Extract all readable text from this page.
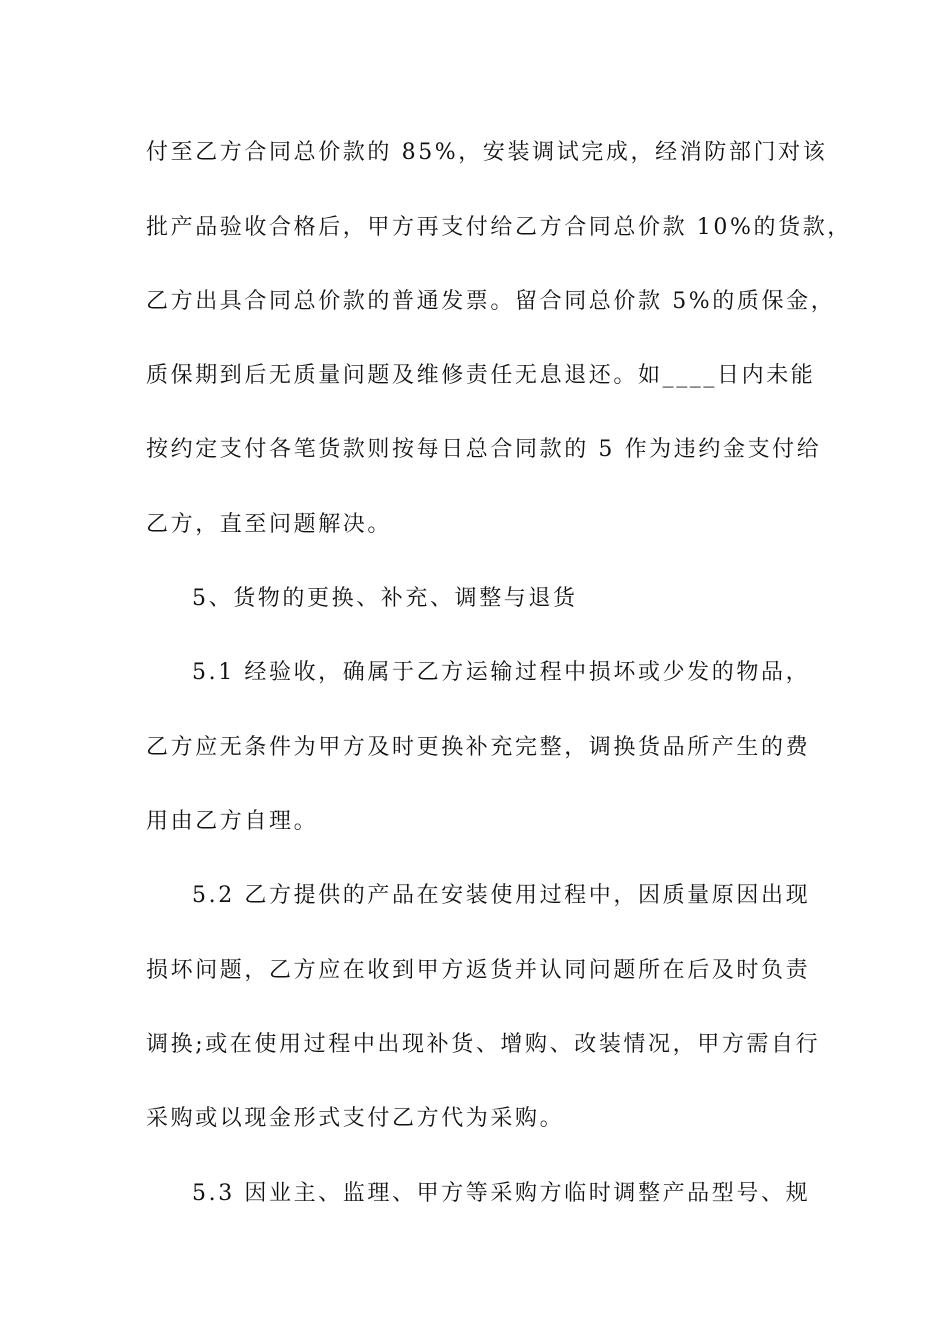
付至乙方合同总价款的 85%，安装调试完成，经消防部门对该
批产品验收合格后，甲方再支付给乙方合同总价款 10%的货款，
乙方出具合同总价款的普通发票。留合同总价款 5%的质保金，
质保期到后无质量问题及维修责任无息退还。如____日内未能
按约定支付各笔货款则按每日总合同款的 5 作为违约金支付给
乙方，直至问题解决。
5、货物的更换、补充、调整与退货
5.1 经验收，确属于乙方运输过程中损坏或少发的物品，
乙方应无条件为甲方及时更换补充完整，调换货品所产生的费
用由乙方自理。
5.2 乙方提供的产品在安装使用过程中，因质量原因出现
损坏问题，乙方应在收到甲方返货并认同问题所在后及时负责
调换;或在使用过程中出现补货、增购、改装情况，甲方需自行
采购或以现金形式支付乙方代为采购。
5.3 因业主、监理、甲方等采购方临时调整产品型号、规
